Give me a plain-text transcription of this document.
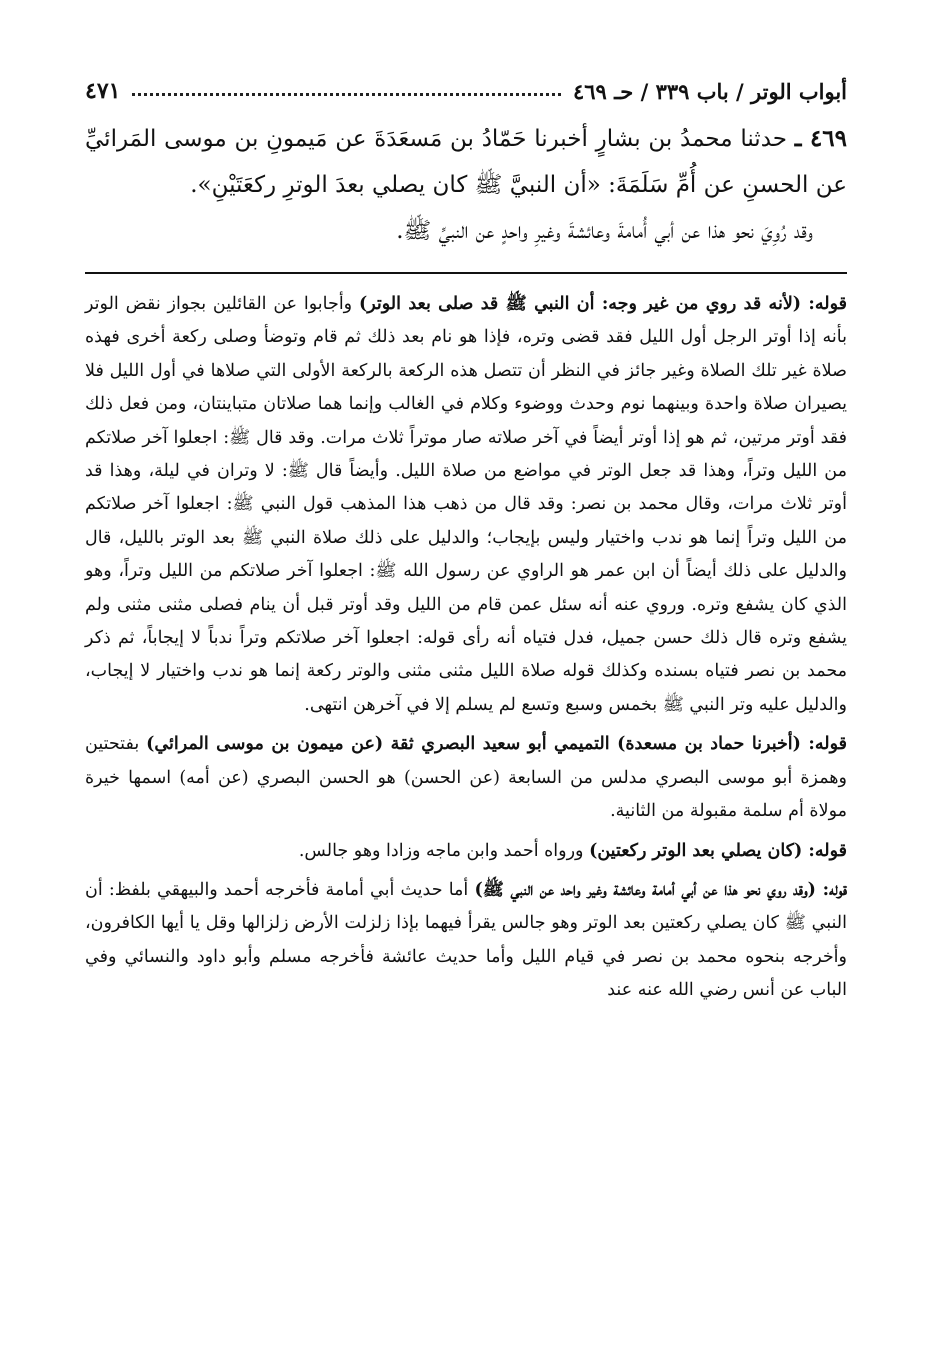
أبواب الوتر / باب ٣٣٩ / حـ ٤٦٩
٤٧١

٤٦٩ ـ حدثنا محمدُ بن بشارٍ أخبرنا حَمّادُ بن مَسعَدَةَ عن مَيمونِ بن موسى المَرائيِّ عن الحسنِ عن أُمِّ سَلَمَةَ: «أن النبيَّ ﷺ كان يصلي بعدَ الوترِ ركعَتَيْنِ».

وقد رُوِيَ نحو هذا عن أبي أُمامةَ وعائشةَ وغيرِ واحدٍ عن النبيِّ ﷺ.

قوله: (لأنه قد روي من غير وجه: أن النبي ﷺ قد صلى بعد الوتر) وأجابوا عن القائلين بجواز نقض الوتر بأنه إذا أوتر الرجل أول الليل فقد قضى وتره، فإذا هو نام بعد ذلك ثم قام وتوضأ وصلى ركعة أخرى فهذه صلاة غير تلك الصلاة وغير جائز في النظر أن تتصل هذه الركعة بالركعة الأولى التي صلاها في أول الليل فلا يصيران صلاة واحدة وبينهما نوم وحدث ووضوء وكلام في الغالب وإنما هما صلاتان متباينتان، ومن فعل ذلك فقد أوتر مرتين، ثم هو إذا أوتر أيضاً في آخر صلاته صار موتراً ثلاث مرات. وقد قال ﷺ: اجعلوا آخر صلاتكم من الليل وتراً، وهذا قد جعل الوتر في مواضع من صلاة الليل. وأيضاً قال ﷺ: لا وتران في ليلة، وهذا قد أوتر ثلاث مرات، وقال محمد بن نصر: وقد قال من ذهب هذا المذهب قول النبي ﷺ: اجعلوا آخر صلاتكم من الليل وتراً إنما هو ندب واختيار وليس بإيجاب؛ والدليل على ذلك صلاة النبي ﷺ بعد الوتر بالليل، قال والدليل على ذلك أيضاً أن ابن عمر هو الراوي عن رسول الله ﷺ: اجعلوا آخر صلاتكم من الليل وتراً، وهو الذي كان يشفع وتره. وروي عنه أنه سئل عمن قام من الليل وقد أوتر قبل أن ينام فصلى مثنى مثنى ولم يشفع وتره قال ذلك حسن جميل، فدل فتياه أنه رأى قوله: اجعلوا آخر صلاتكم وتراً ندباً لا إيجاباً، ثم ذكر محمد بن نصر فتياه بسنده وكذلك قوله صلاة الليل مثنى مثنى والوتر ركعة إنما هو ندب واختيار لا إيجاب، والدليل عليه وتر النبي ﷺ بخمس وسبع وتسع لم يسلم إلا في آخرهن انتهى.

قوله: (أخبرنا حماد بن مسعدة) التميمي أبو سعيد البصري ثقة (عن ميمون بن موسى المرائي) بفتحتين وهمزة أبو موسى البصري مدلس من السابعة (عن الحسن) هو الحسن البصري (عن أمه) اسمها خيرة مولاة أم سلمة مقبولة من الثانية.

قوله: (كان يصلي بعد الوتر ركعتين) ورواه أحمد وابن ماجه وزادا وهو جالس.

قوله: (وقد روي نحو هذا عن أبي أمامة وعائشة وغير واحد عن النبي ﷺ) أما حديث أبي أمامة فأخرجه أحمد والبيهقي بلفظ: أن النبي ﷺ كان يصلي ركعتين بعد الوتر وهو جالس يقرأ فيهما بإذا زلزلت الأرض زلزالها وقل يا أيها الكافرون، وأخرجه بنحوه محمد بن نصر في قيام الليل وأما حديث عائشة فأخرجه مسلم وأبو داود والنسائي وفي الباب عن أنس رضي الله عنه عند
